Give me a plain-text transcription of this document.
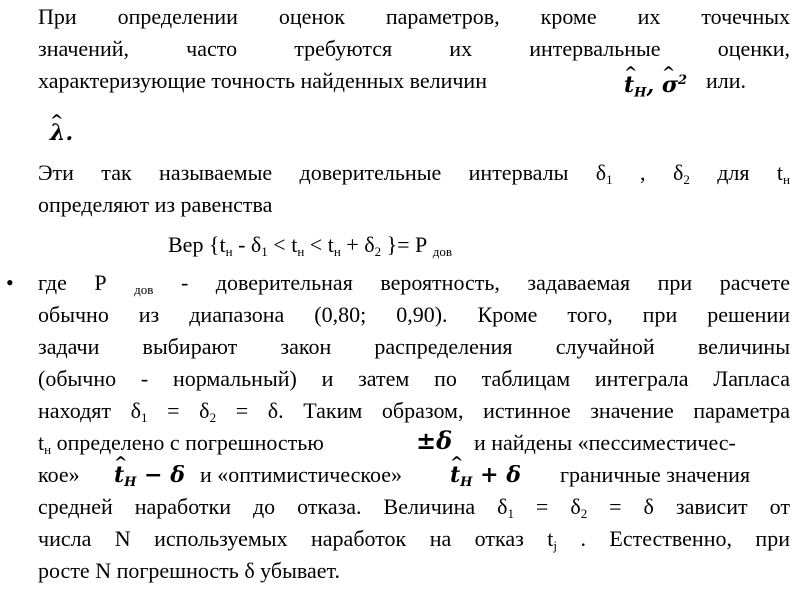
При определении оценок параметров, кроме их точечных
значений, часто требуются их интервальные оценки,
характеризующие точность найденных величин	^ $t_H$, ^ $\sigma^2$ или.
^ λ.
Эти так называемые доверительные интервалы $\delta_1$ , $\delta_2$ для $t_н$
определяют из равенства
Вер {$t_н - \delta_1 < t_н < t_н + \delta_2$ }= Р $_{дов}$
• где Р $_{дов}$ - доверительная вероятность, задаваемая при расчете
обычно из диапазона (0,80; 0,90). Кроме того, при решении
задачи выбирают закон распределения случайной величины
(обычно - нормальный) и затем по таблицам интеграла Лапласа
находят $\delta_1 = \delta_2 = \delta$. Таким образом, истинное значение параметра
$t_н$ определено с погрешностью	±δ и найдены «пессиместичес-
кое» ^ $t_H - \delta$ и «оптимистическое» ^ $t_H + \delta$ граничные значения
средней наработки до отказа. Величина $\delta_1 = \delta_2 = \delta$ зависит от
числа N используемых наработок на отказ $t_j$ . Естественно, при
росте N погрешность δ убывает.
